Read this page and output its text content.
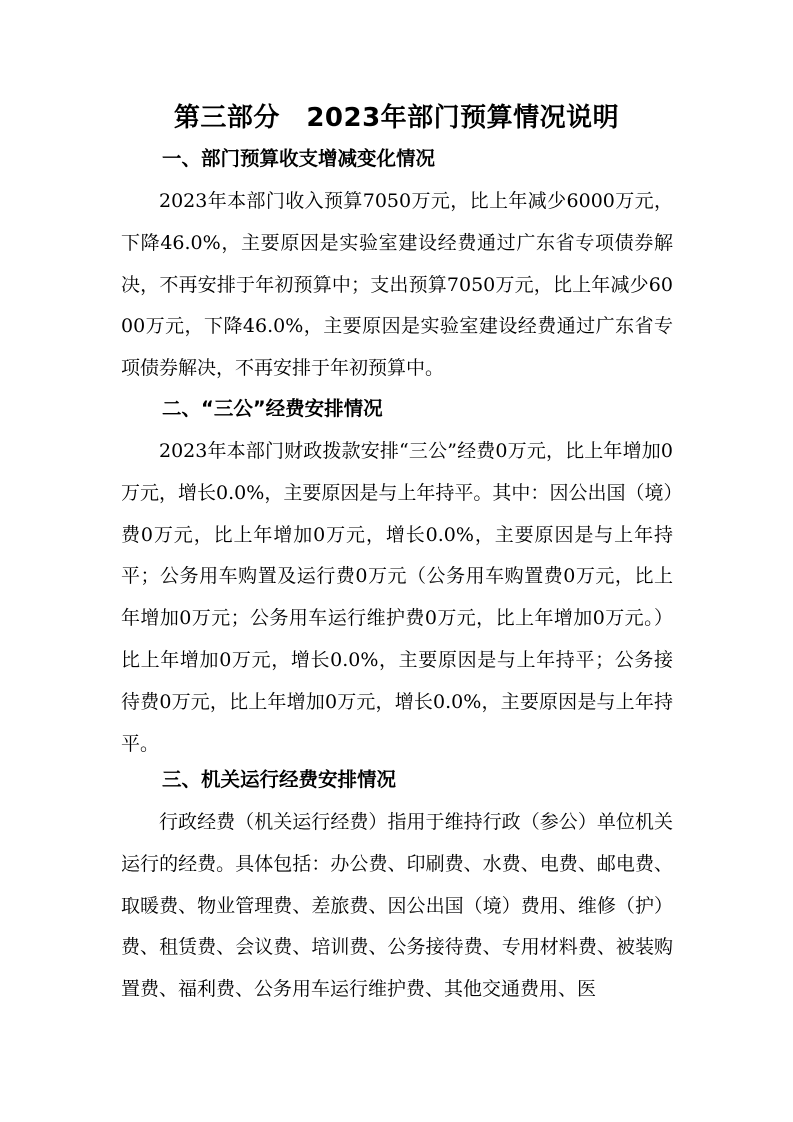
第三部分　2023年部门预算情况说明
一、部门预算收支增减变化情况

2023年本部门收入预算7050万元，比上年减少6000万元，下降46.0%，主要原因是实验室建设经费通过广东省专项债券解决，不再安排于年初预算中；支出预算7050万元，比上年减少6000万元，下降46.0%，主要原因是实验室建设经费通过广东省专项债券解决，不再安排于年初预算中。

二、“三公”经费安排情况

2023年本部门财政拨款安排“三公”经费0万元，比上年增加0万元，增长0.0%，主要原因是与上年持平。其中：因公出国（境）费0万元，比上年增加0万元，增长0.0%，主要原因是与上年持平；公务用车购置及运行费0万元（公务用车购置费0万元，比上年增加0万元；公务用车运行维护费0万元，比上年增加0万元。）比上年增加0万元，增长0.0%，主要原因是与上年持平；公务接待费0万元，比上年增加0万元，增长0.0%，主要原因是与上年持平。

三、机关运行经费安排情况

行政经费（机关运行经费）指用于维持行政（参公）单位机关运行的经费。具体包括：办公费、印刷费、水费、电费、邮电费、取暖费、物业管理费、差旅费、因公出国（境）费用、维修（护）费、租赁费、会议费、培训费、公务接待费、专用材料费、被装购置费、福利费、公务用车运行维护费、其他交通费用、医
